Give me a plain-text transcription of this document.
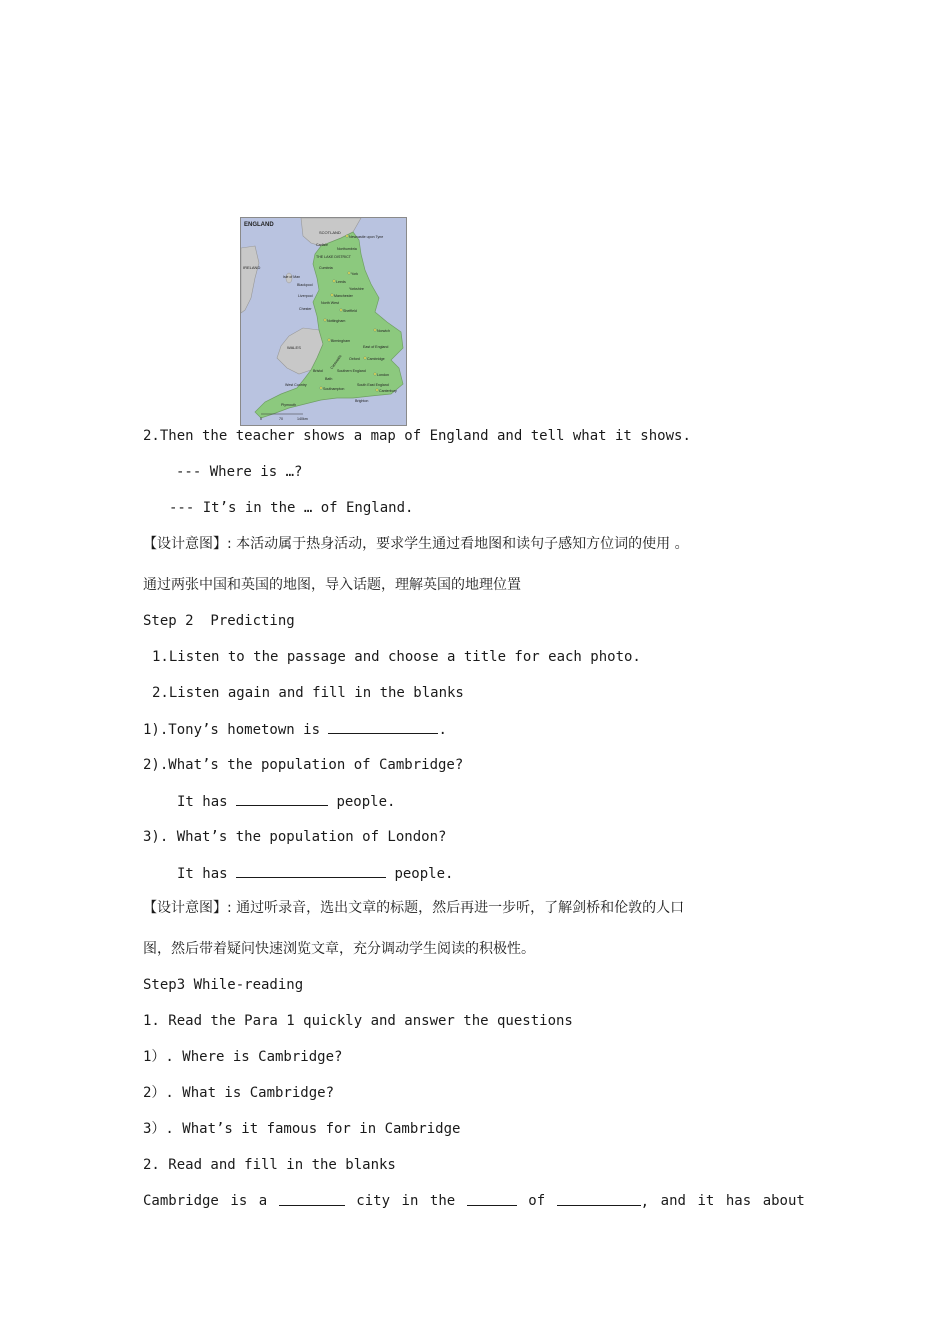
ENGLAND
SCOTLAND
IRELAND
WALES
Isle of Man
Newcastle upon Tyne
Carlisle
Northumbria
THE LAKE DISTRICT
Cumbria
York
Leeds
Yorkshire
Blackpool
Liverpool	Manchester
North West
Chester	Sheffield
Nottingham
Norwich
Birmingham
East of England
Cotswolds Oxford Cambridge
Bristol	Southern England
London
Bath
West Country
Southampton
South East England
Canterbury
Plymouth
Brighton
0	70	140km

2.Then the teacher shows a map of England and tell what it shows.

--- Where is …?

--- It’s in the … of England.

【设计意图】: 本活动属于热身活动，要求学生通过看地图和读句子感知方位词的使用 。

通过两张中国和英国的地图，导入话题，理解英国的地理位置

Step 2  Predicting

1.Listen to the passage and choose a title for each photo.

2.Listen again and fill in the blanks

1).Tony’s hometown is	.

2).What’s the population of Cambridge?

It has	people.

3). What’s the population of London?

It has	people.

【设计意图】: 通过听录音，选出文章的标题，然后再进一步听，了解剑桥和伦敦的人口

图，然后带着疑问快速浏览文章，充分调动学生阅读的积极性。

Step3 While-reading

1. Read the Para 1 quickly and answer the questions

1）. Where is Cambridge?

2）. What is Cambridge?

3）. What’s it famous for in Cambridge

2. Read and fill in the blanks

Cambridge is a	city in the	of	, and it has about
